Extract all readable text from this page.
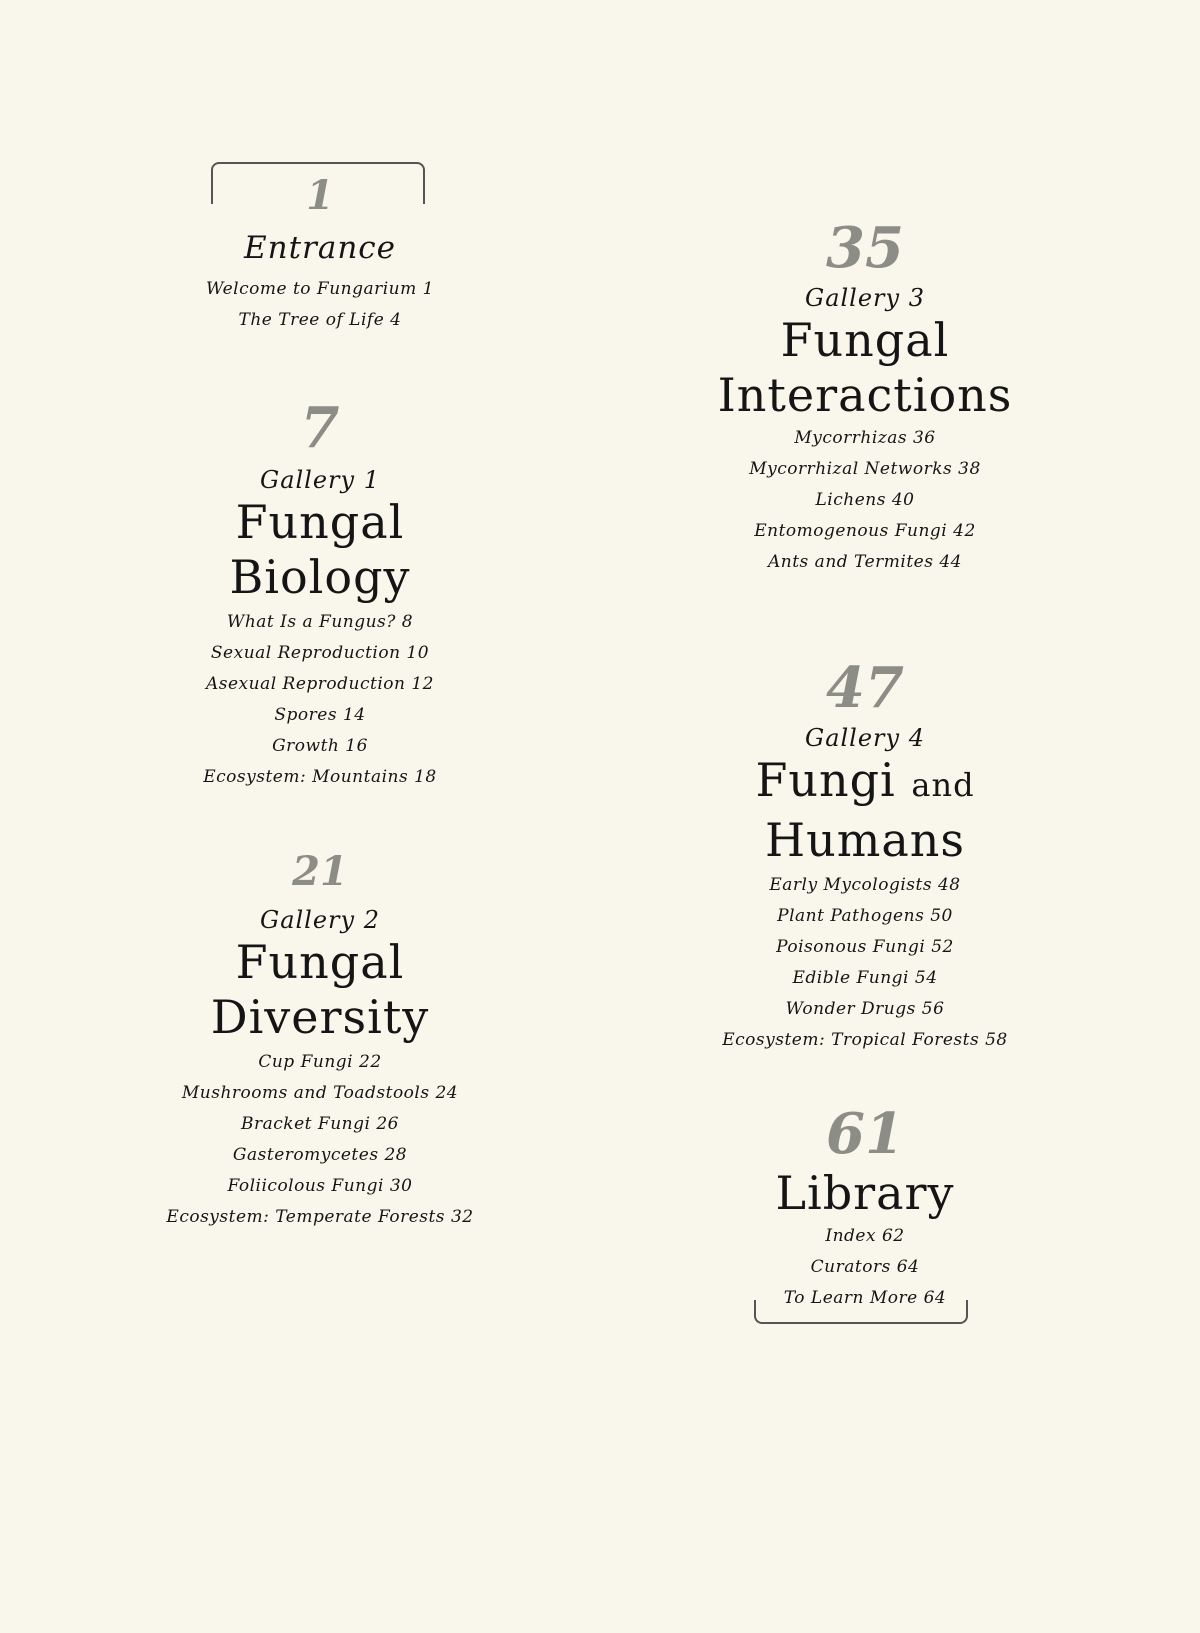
1

Entrance

Welcome to Fungarium 1
The Tree of Life 4

7

Gallery 1

Fungal

Biology

What Is a Fungus? 8
Sexual Reproduction 10
Asexual Reproduction 12
Spores 14
Growth 16
Ecosystem: Mountains 18

21

Gallery 2

Fungal

Diversity

Cup Fungi 22
Mushrooms and Toadstools 24
Bracket Fungi 26
Gasteromycetes 28
Foliicolous Fungi 30
Ecosystem: Temperate Forests 32

35

Gallery 3

Fungal

Interactions

Mycorrhizas 36
Mycorrhizal Networks 38
Lichens 40
Entomogenous Fungi 42
Ants and Termites 44

47

Gallery 4

Fungi and

Humans

Early Mycologists 48
Plant Pathogens 50
Poisonous Fungi 52
Edible Fungi 54
Wonder Drugs 56
Ecosystem: Tropical Forests 58

61

Library

Index 62
Curators 64
To Learn More 64
